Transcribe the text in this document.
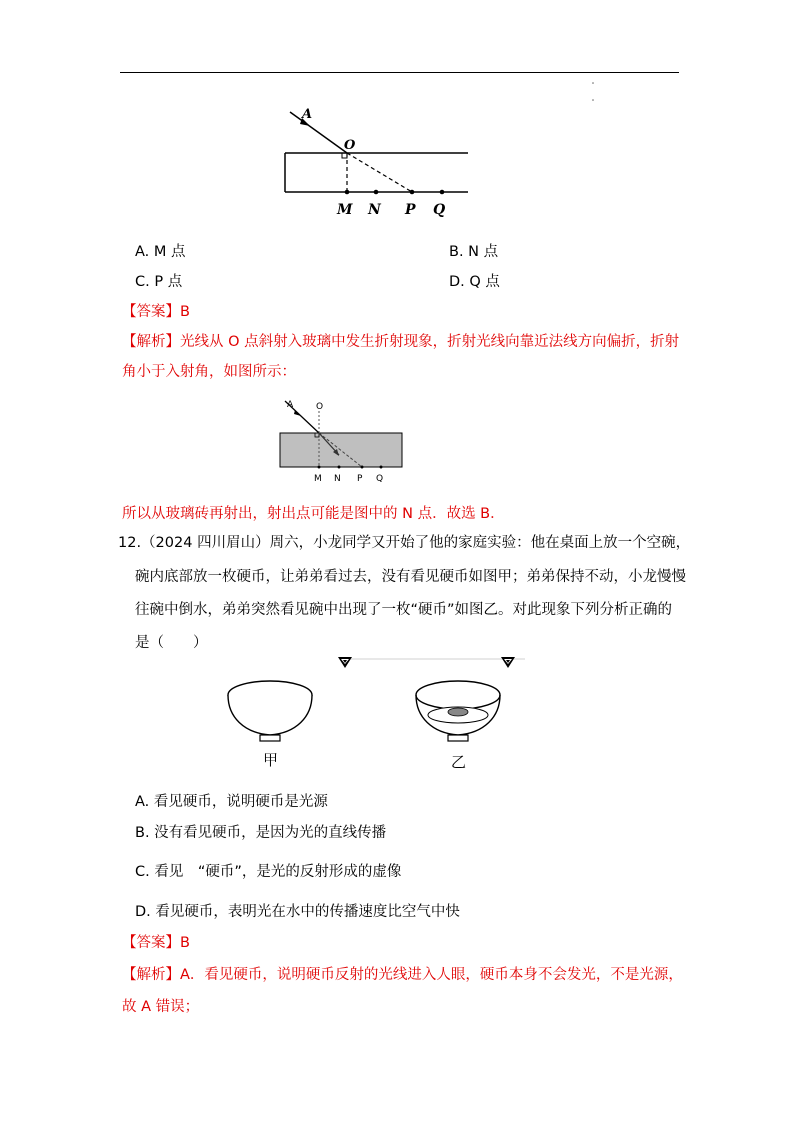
A
O
M N P Q
A. M 点	B. N 点
C. P 点	D. Q 点
【答案】B
【解析】光线从 O 点斜射入玻璃中发生折射现象，折射光线向靠近法线方向偏折，折射
角小于入射角，如图所示：
A	O
M N P Q
所以从玻璃砖再射出，射出点可能是图中的 N 点．故选 B．
12.（2024 四川眉山）周六，小龙同学又开始了他的家庭实验：他在桌面上放一个空碗，
碗内底部放一枚硬币，让弟弟看过去，没有看见硬币如图甲；弟弟保持不动，小龙慢慢
往碗中倒水，弟弟突然看见碗中出现了一枚“硬币”如图乙。对此现象下列分析正确的
是（　　）
甲	乙
A. 看见硬币，说明硬币是光源
B. 没有看见硬币，是因为光的直线传播
C. 看见　“硬币”，是光的反射形成的虚像
D. 看见硬币，表明光在水中的传播速度比空气中快
【答案】B
【解析】A．看见硬币，说明硬币反射的光线进入人眼，硬币本身不会发光，不是光源，
故 A 错误；
